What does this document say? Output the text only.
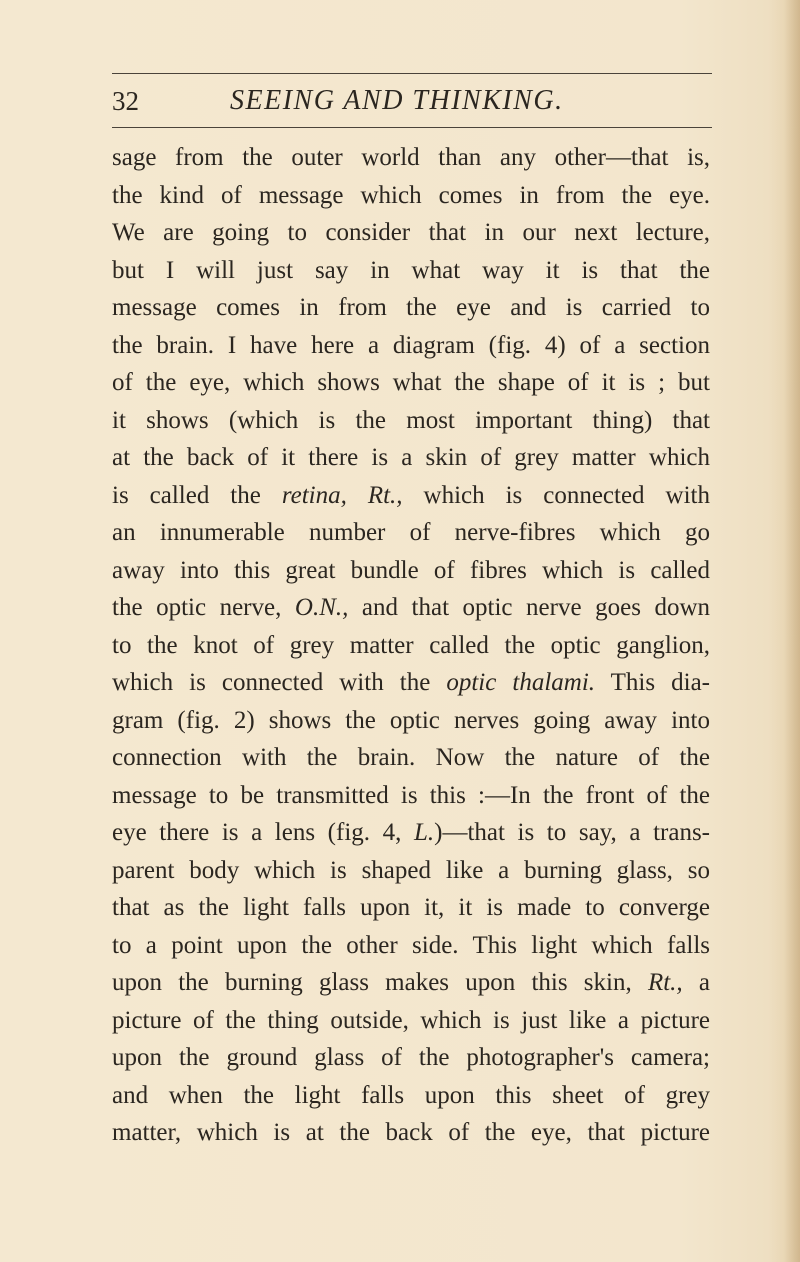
32	SEEING AND THINKING.
sage from the outer world than any other—that is,
the kind of message which comes in from the eye.
We are going to consider that in our next lecture,
but I will just say in what way it is that the
message comes in from the eye and is carried to
the brain. I have here a diagram (fig. 4) of a section
of the eye, which shows what the shape of it is ; but
it shows (which is the most important thing) that
at the back of it there is a skin of grey matter which
is called the retina, Rt., which is connected with
an innumerable number of nerve-fibres which go
away into this great bundle of fibres which is called
the optic nerve, O.N., and that optic nerve goes down
to the knot of grey matter called the optic ganglion,
which is connected with the optic thalami. This dia-
gram (fig. 2) shows the optic nerves going away into
connection with the brain. Now the nature of the
message to be transmitted is this :—In the front of the
eye there is a lens (fig. 4, L.)—that is to say, a trans-
parent body which is shaped like a burning glass, so
that as the light falls upon it, it is made to converge
to a point upon the other side. This light which falls
upon the burning glass makes upon this skin, Rt., a
picture of the thing outside, which is just like a picture
upon the ground glass of the photographer's camera;
and when the light falls upon this sheet of grey
matter, which is at the back of the eye, that picture
